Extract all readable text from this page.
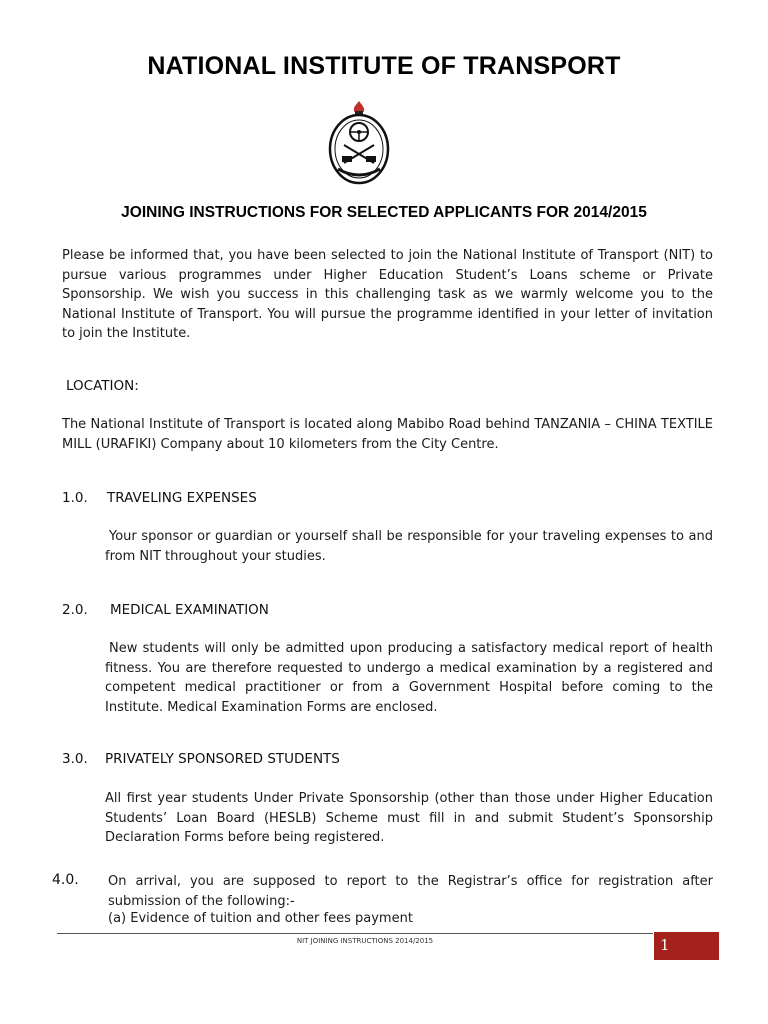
NATIONAL INSTITUTE OF TRANSPORT
JOINING INSTRUCTIONS FOR SELECTED APPLICANTS FOR 2014/2015
Please be informed that, you have been selected to join the National Institute of Transport (NIT) to pursue various programmes under Higher Education Student’s Loans scheme or Private Sponsorship. We wish you success in this challenging task as we warmly welcome you to the National Institute of Transport. You will pursue the programme identified in your letter of invitation to join the Institute.
LOCATION:
The National Institute of Transport is located along Mabibo Road behind TANZANIA – CHINA TEXTILE MILL (URAFIKI) Company about 10 kilometers from the City Centre.
1.0. TRAVELING EXPENSES
Your sponsor or guardian or yourself shall be responsible for your traveling expenses to and from NIT throughout your studies.
2.0. MEDICAL EXAMINATION
New students will only be admitted upon producing a satisfactory medical report of health fitness. You are therefore requested to undergo a medical examination by a registered and competent medical practitioner or from a Government Hospital before coming to the Institute. Medical Examination Forms are enclosed.
3.0. PRIVATELY SPONSORED STUDENTS
All first year students Under Private Sponsorship (other than those under Higher Education Students’ Loan Board (HESLB) Scheme must fill in and submit Student’s Sponsorship Declaration Forms before being registered.
4.0. On arrival, you are supposed to report to the Registrar’s office for registration after submission of the following:-
(a) Evidence of tuition and other fees payment
NIT JOINING INSTRUCTIONS 2014/2015	1
